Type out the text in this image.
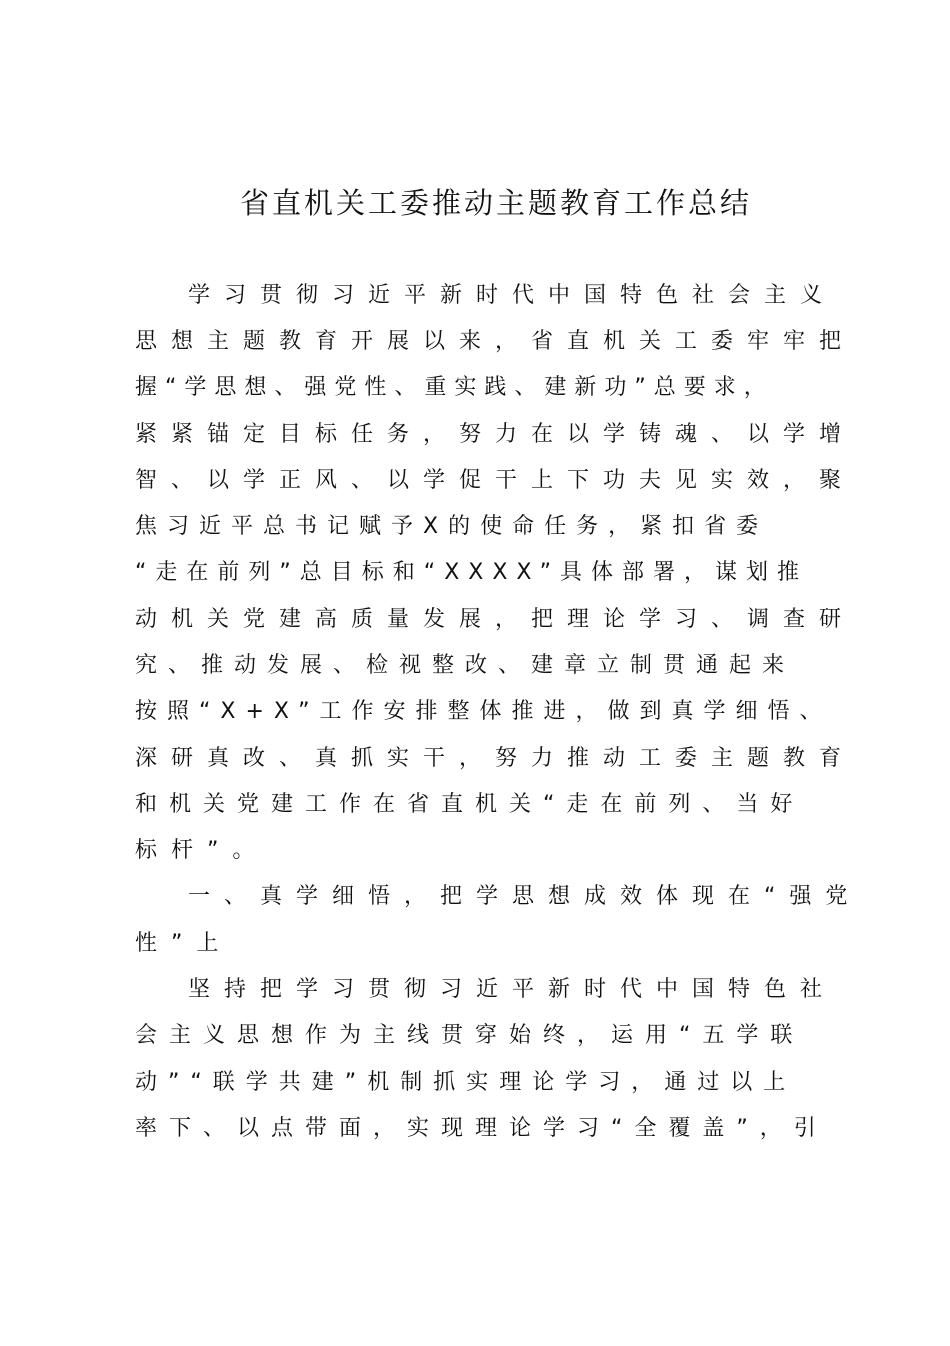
省直机关工委推动主题教育工作总结
学习贯彻习近平新时代中国特色社会主义
思想主题教育开展以来，省直机关工委牢牢把
握“学思想、强党性、重实践、建新功”总要求，
紧紧锚定目标任务，努力在以学铸魂、以学增
智、以学正风、以学促干上下功夫见实效，聚
焦习近平总书记赋予X的使命任务，紧扣省委
“走在前列”总目标和“XXXX”具体部署，谋划推
动机关党建高质量发展，把理论学习、调查研
究、推动发展、检视整改、建章立制贯通起来
按照“X+X”工作安排整体推进，做到真学细悟、
深研真改、真抓实干，努力推动工委主题教育
和机关党建工作在省直机关“走在前列、当好
标杆”。
一、真学细悟，把学思想成效体现在“强党
性”上
坚持把学习贯彻习近平新时代中国特色社
会主义思想作为主线贯穿始终，运用“五学联
动”“联学共建”机制抓实理论学习，通过以上
率下、以点带面，实现理论学习“全覆盖”，引
